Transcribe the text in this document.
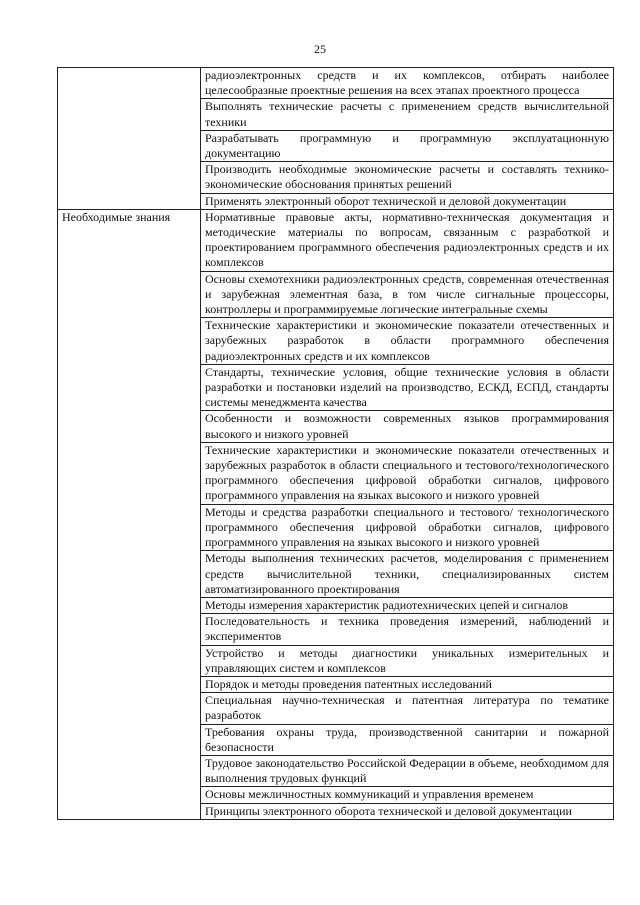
25
	радиоэлектронных средств и их комплексов, отбирать наиболее целесообразные проектные решения на всех этапах проектного процесса
	Выполнять технические расчеты с применением средств вычислительной техники
	Разрабатывать программную и программную эксплуатационную документацию
	Производить необходимые экономические расчеты и составлять технико-экономические обоснования принятых решений
	Применять электронный оборот технической и деловой документации
Необходимые знания	Нормативные правовые акты, нормативно-техническая документация и методические материалы по вопросам, связанным с разработкой и проектированием программного обеспечения радиоэлектронных средств и их комплексов
	Основы схемотехники радиоэлектронных средств, современная отечественная и зарубежная элементная база, в том числе сигнальные процессоры, контроллеры и программируемые логические интегральные схемы
	Технические характеристики и экономические показатели отечественных и зарубежных разработок в области программного обеспечения радиоэлектронных средств и их комплексов
	Стандарты, технические условия, общие технические условия в области разработки и постановки изделий на производство, ЕСКД, ЕСПД, стандарты системы менеджмента качества
	Особенности и возможности современных языков программирования высокого и низкого уровней
	Технические характеристики и экономические показатели отечественных и зарубежных разработок в области специального и тестового/технологического программного обеспечения цифровой обработки сигналов, цифрового программного управления на языках высокого и низкого уровней
	Методы и средства разработки специального и тестового/ технологического программного обеспечения цифровой обработки сигналов, цифрового программного управления на языках высокого и низкого уровней
	Методы выполнения технических расчетов, моделирования с применением средств вычислительной техники, специализированных систем автоматизированного проектирования
	Методы измерения характеристик радиотехнических цепей и сигналов
	Последовательность и техника проведения измерений, наблюдений и экспериментов
	Устройство и методы диагностики уникальных измерительных и управляющих систем и комплексов
	Порядок и методы проведения патентных исследований
	Специальная научно-техническая и патентная литература по тематике разработок
	Требования охраны труда, производственной санитарии и пожарной безопасности
	Трудовое законодательство Российской Федерации в объеме, необходимом для выполнения трудовых функций
	Основы межличностных коммуникаций и управления временем
	Принципы электронного оборота технической и деловой документации
